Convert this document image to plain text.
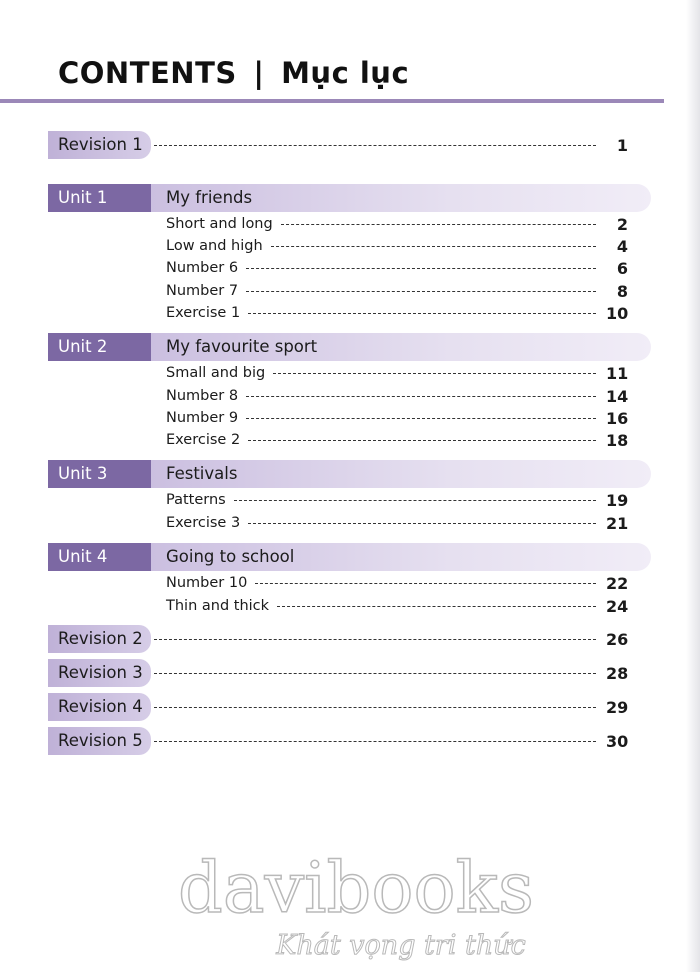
CONTENTS | Mục lục
Revision 1	1
Unit 1	My friends
Short and long	2
Low and high	4
Number 6	6
Number 7	8
Exercise 1	10
Unit 2	My favourite sport
Small and big	11
Number 8	14
Number 9	16
Exercise 2	18
Unit 3	Festivals
Patterns	19
Exercise 3	21
Unit 4	Going to school
Number 10	22
Thin and thick	24
Revision 2	26
Revision 3	28
Revision 4	29
Revision 5	30
davibooks
Khát vọng tri thức
